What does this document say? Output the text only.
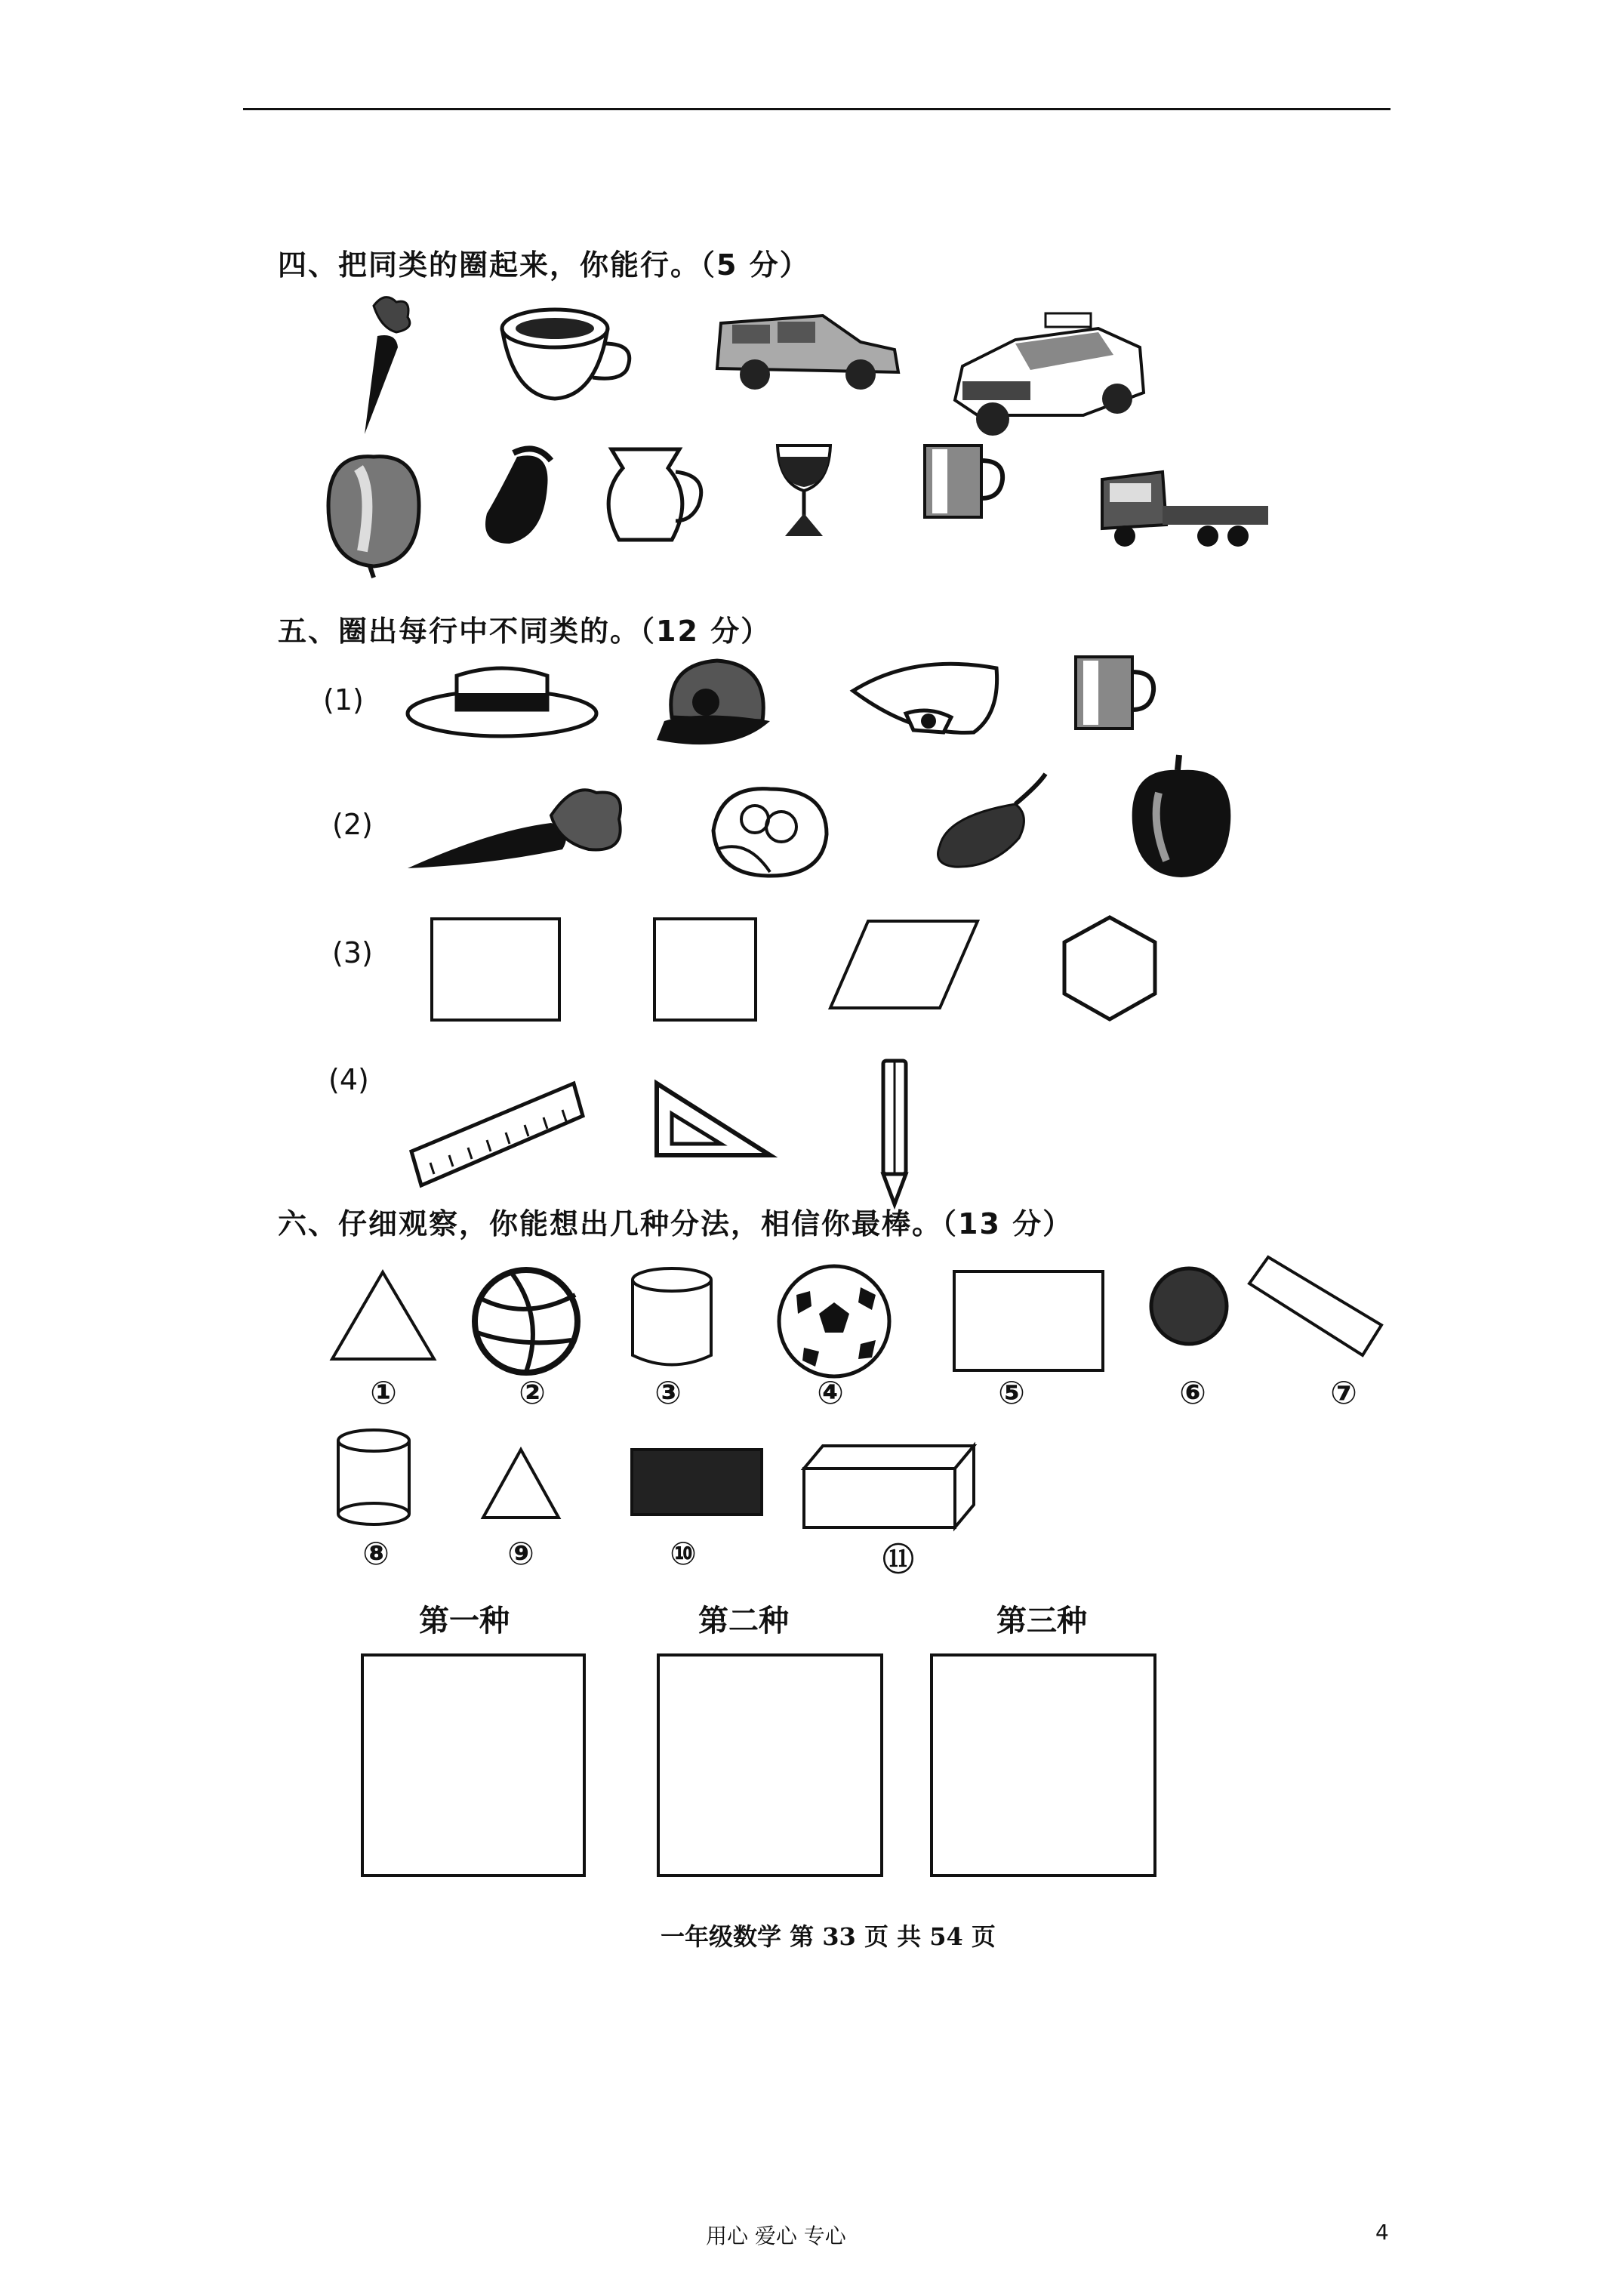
四、把同类的圈起来，你能行。（5 分）
五、圈出每行中不同类的。（12 分）
(1)
(2)
(3)
(4)
六、仔细观察，你能想出几种分法，相信你最棒。（13 分）
①	②	③	④	⑤	⑥	⑦
⑧	⑨	⑩	⑪
第一种	第二种	第三种
一年级数学 第 33 页 共 54 页
用心 爱心 专心	4
